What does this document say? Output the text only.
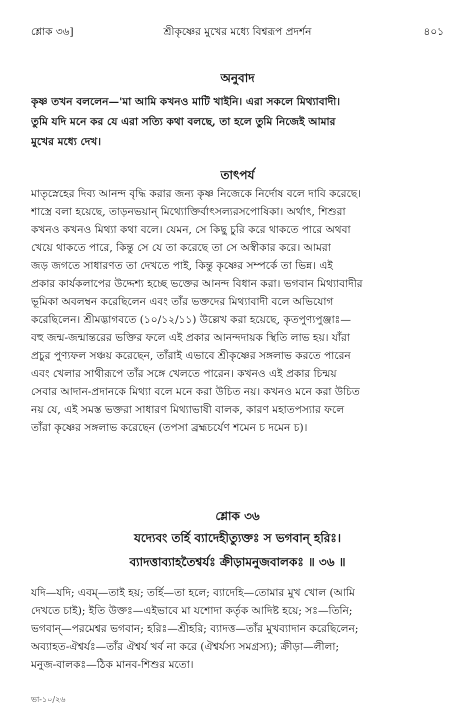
শ্লোক ৩৬]	শ্রীকৃষ্ণের মুখের মধ্যে বিশ্বরূপ প্রদর্শন	৪০১
অনুবাদ
কৃষ্ণ তখন বললেন—'মা আমি কখনও মাটি খাইনি। এরা সকলে মিথ্যাবাদী।
তুমি যদি মনে কর যে এরা সত্যি কথা বলছে, তা হলে তুমি নিজেই আমার
মুখের মধ্যে দেখ।
তাৎপর্য
মাতৃস্নেহের দিব্য আনন্দ বৃদ্ধি করার জন্য কৃষ্ণ নিজেকে নির্দোষ বলে দাবি করেছে।
শাস্ত্রে বলা হয়েছে, তাড়নভয়ান্ মিথ্যোক্তির্বাৎসল্যরসপোষিকা। অর্থাৎ, শিশুরা
কখনও কখনও মিথ্যা কথা বলে। যেমন, সে কিছু চুরি করে থাকতে পারে অথবা
খেয়ে থাকতে পারে, কিন্তু সে যে তা করেছে তা সে অস্বীকার করে। আমরা
জড় জগতে সাধারণত তা দেখতে পাই, কিন্তু কৃষ্ণের সম্পর্কে তা ভিন্ন। এই
প্রকার কার্যকলাপের উদ্দেশ্য হচ্ছে ভক্তের আনন্দ বিধান করা। ভগবান মিথ্যাবাদীর
ভূমিকা অবলম্বন করেছিলেন এবং তাঁর ভক্তদের মিথ্যাবাদী বলে অভিযোগ
করেছিলেন। শ্রীমদ্ভাগবতে (১০/১২/১১) উল্লেখ করা হয়েছে, কৃতপুণ্যপুঞ্জাঃ—
বহু জন্ম-জন্মান্তরের ভক্তির ফলে এই প্রকার আনন্দদায়ক স্থিতি লাভ হয়। যাঁরা
প্রচুর পুণ্যফল সঞ্চয় করেছেন, তাঁরাই এভাবে শ্রীকৃষ্ণের সঙ্গলাভ করতে পারেন
এবং খেলার সাথীরূপে তাঁর সঙ্গে খেলতে পারেন। কখনও এই প্রকার চিন্ময়
সেবার আদান-প্রদানকে মিথ্যা বলে মনে করা উচিত নয়। কখনও মনে করা উচিত
নয় যে, এই সমস্ত ভক্তরা সাধারণ মিথ্যাভাষী বালক, কারণ মহাতপস্যার ফলে
তাঁরা কৃষ্ণের সঙ্গলাভ করেছেন (তপসা ব্রহ্মচর্যেণ শমেন চ দমেন চ)।
শ্লোক ৩৬
যদ্যেবং তর্হি ব্যাদেহীত্যুক্তঃ স ভগবান্ হরিঃ।
ব্যাদত্তাব্যাহতৈশ্বর্যঃ ক্রীড়ামনুজবালকঃ ॥ ৩৬ ॥
যদি—যদি; এবম্—তাই হয়; তর্হি—তা হলে; ব্যাদেহি—তোমার মুখ খোল (আমি
দেখতে চাই); ইতি উক্তঃ—এইভাবে মা যশোদা কর্তৃক আদিষ্ট হয়ে; সঃ—তিনি;
ভগবান্—পরমেশ্বর ভগবান; হরিঃ—শ্রীহরি; ব্যাদত্ত—তাঁর মুখব্যাদান করেছিলেন;
অব্যাহত-ঐশ্বর্যঃ—তাঁর ঐশ্বর্য খর্ব না করে (ঐশ্বর্যস্য সমগ্রস্য); ক্রীড়া—লীলা;
মনুজ-বালকঃ—ঠিক মানব-শিশুর মতো।
ভা-১০/২৬
